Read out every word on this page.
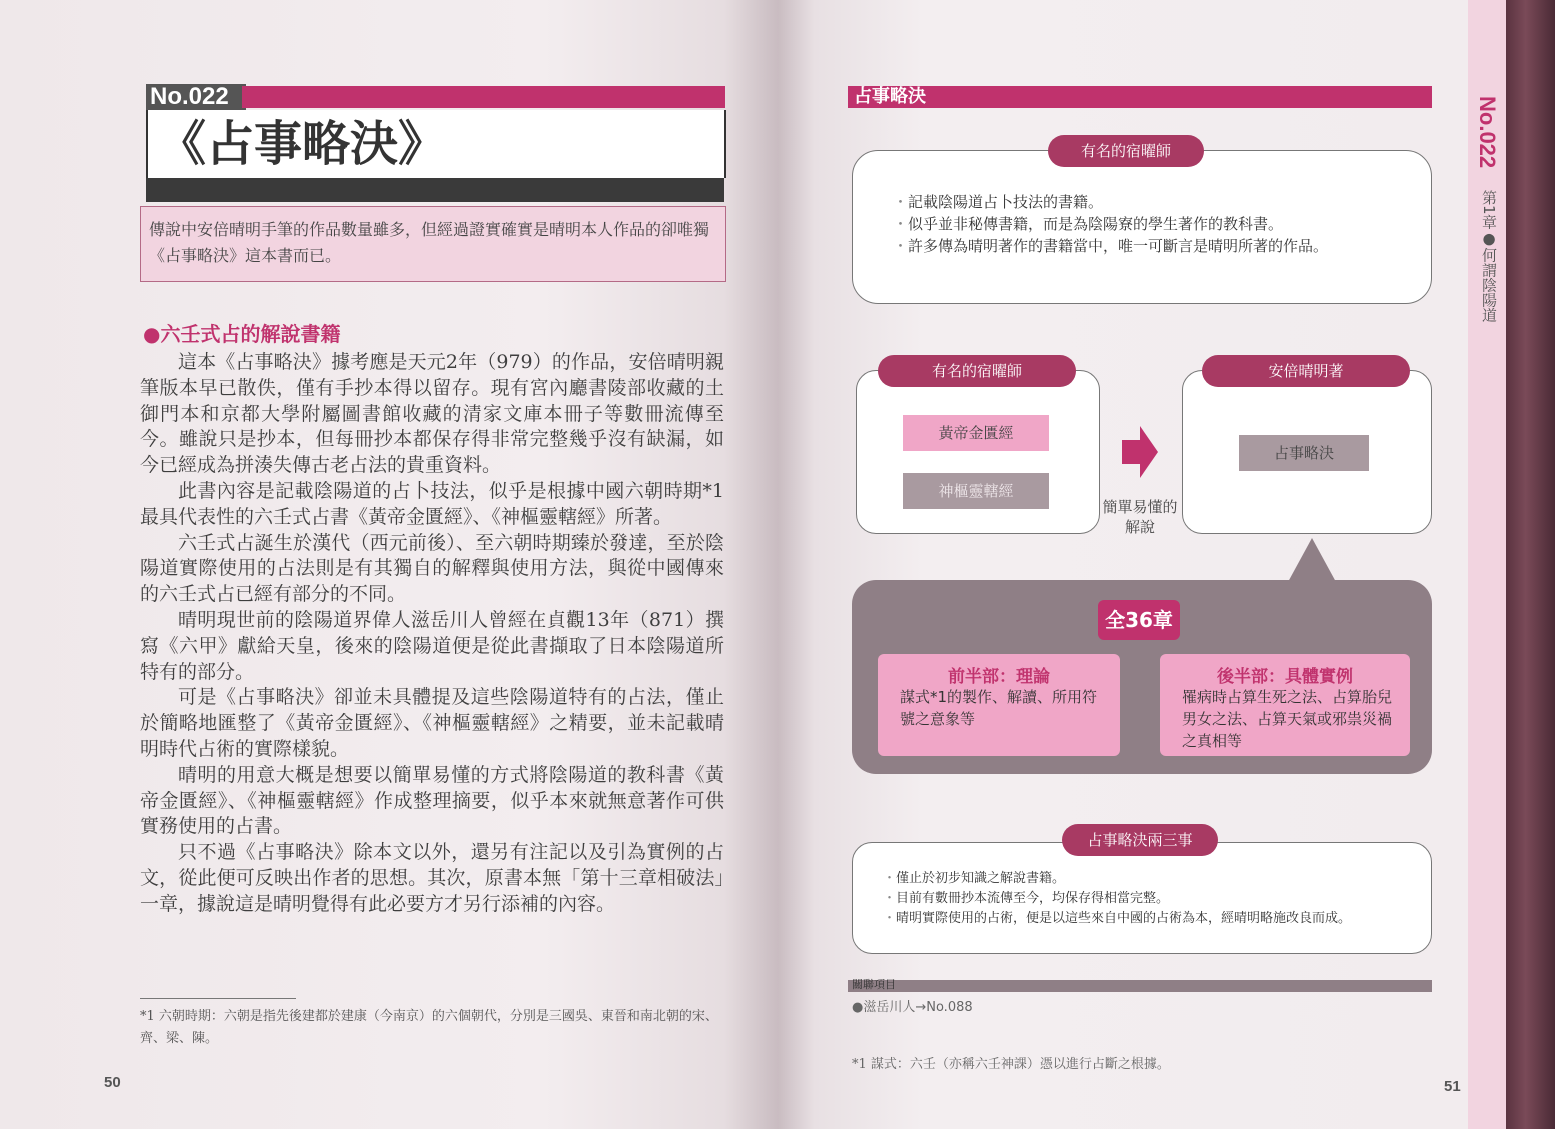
No.022
《占事略決》
傳說中安倍晴明手筆的作品數量雖多，但經過證實確實是晴明本人作品的卻唯獨《占事略決》這本書而已。
●六壬式占的解說書籍

這本《占事略決》據考應是天元2年（979）的作品，安倍晴明親筆版本早已散佚，僅有手抄本得以留存。現有宮內廳書陵部收藏的土御門本和京都大學附屬圖書館收藏的清家文庫本冊子等數冊流傳至今。雖說只是抄本，但每冊抄本都保存得非常完整幾乎沒有缺漏，如今已經成為拼湊失傳古老占法的貴重資料。

此書內容是記載陰陽道的占卜技法，似乎是根據中國六朝時期*1最具代表性的六壬式占書《黃帝金匱經》、《神樞靈轄經》所著。

六壬式占誕生於漢代（西元前後）、至六朝時期臻於發達，至於陰陽道實際使用的占法則是有其獨自的解釋與使用方法，與從中國傳來的六壬式占已經有部分的不同。

晴明現世前的陰陽道界偉人滋岳川人曾經在貞觀13年（871）撰寫《六甲》獻給天皇，後來的陰陽道便是從此書擷取了日本陰陽道所特有的部分。

可是《占事略決》卻並未具體提及這些陰陽道特有的占法，僅止於簡略地匯整了《黃帝金匱經》、《神樞靈轄經》之精要，並未記載晴明時代占術的實際樣貌。

晴明的用意大概是想要以簡單易懂的方式將陰陽道的教科書《黃帝金匱經》、《神樞靈轄經》作成整理摘要，似乎本來就無意著作可供實務使用的占書。

只不過《占事略決》除本文以外，還另有注記以及引為實例的占文，從此便可反映出作者的思想。其次，原書本無「第十三章相破法」一章，據說這是晴明覺得有此必要方才另行添補的內容。

*1 六朝時期：六朝是指先後建都於建康（今南京）的六個朝代，分別是三國吳、東晉和南北朝的宋、齊、梁、陳。
50
占事略決
・ 記載陰陽道占卜技法的書籍。
・ 似乎並非秘傳書籍，而是為陰陽寮的學生著作的教科書。
・ 許多傳為晴明著作的書籍當中，唯一可斷言是晴明所著的作品。
有名的宿曜師
黃帝金匱經
神樞靈轄經
有名的宿曜師
簡單易懂的解說
占事略決
安倍晴明著
全36章
前半部：理論
謀式*1的製作、解讀、所用符號之意象等
後半部：具體實例
罹病時占算生死之法、占算胎兒男女之法、占算天氣或邪祟災禍之真相等
・ 僅止於初步知識之解說書籍。
・ 目前有數冊抄本流傳至今，均保存得相當完整。
・ 晴明實際使用的占術，便是以這些來自中國的占術為本，經晴明略施改良而成。
占事略決兩三事
關聯項目
●滋岳川人→No.088
*1 謀式：六壬（亦稱六壬神課）憑以進行占斷之根據。
51
No.022
第1章●何謂陰陽道
